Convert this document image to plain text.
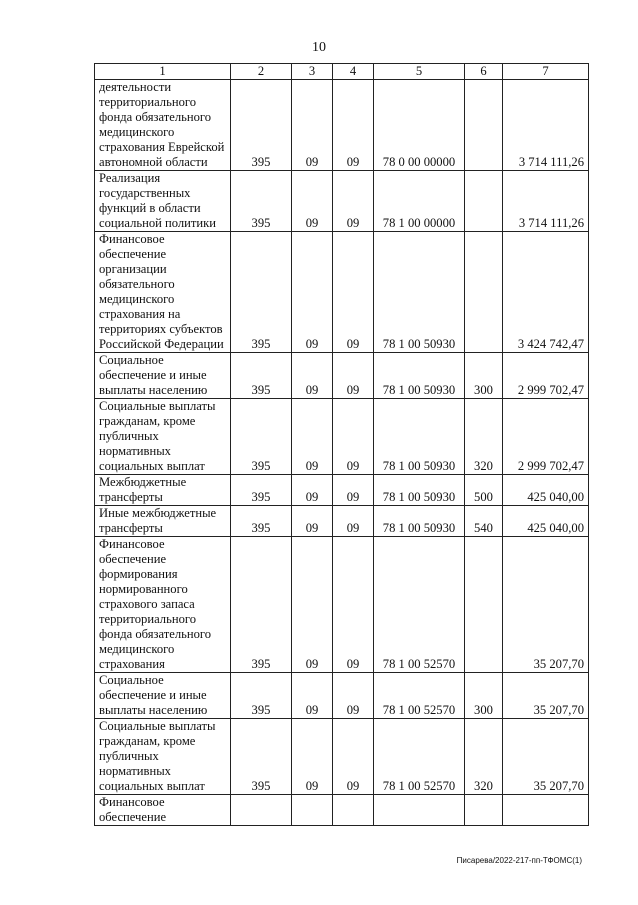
10
1	2	3	4	5	6	7
деятельности территориального фонда обязательного медицинского страхования Еврейской автономной области	395	09	09	78 0 00 00000		3 714 111,26
Реализация государственных функций в области социальной политики	395	09	09	78 1 00 00000		3 714 111,26
Финансовое обеспечение организации обязательного медицинского страхования на территориях субъектов Российской Федерации	395	09	09	78 1 00 50930		3 424 742,47
Социальное обеспечение и иные выплаты населению	395	09	09	78 1 00 50930	300	2 999 702,47
Социальные выплаты гражданам, кроме публичных нормативных социальных выплат	395	09	09	78 1 00 50930	320	2 999 702,47
Межбюджетные трансферты	395	09	09	78 1 00 50930	500	425 040,00
Иные межбюджетные трансферты	395	09	09	78 1 00 50930	540	425 040,00
Финансовое обеспечение формирования нормированного страхового запаса территориального фонда обязательного медицинского страхования	395	09	09	78 1 00 52570		35 207,70
Социальное обеспечение и иные выплаты населению	395	09	09	78 1 00 52570	300	35 207,70
Социальные выплаты гражданам, кроме публичных нормативных социальных выплат	395	09	09	78 1 00 52570	320	35 207,70
Финансовое обеспечение						
Писарева/2022-217-пп-ТФОМС(1)
